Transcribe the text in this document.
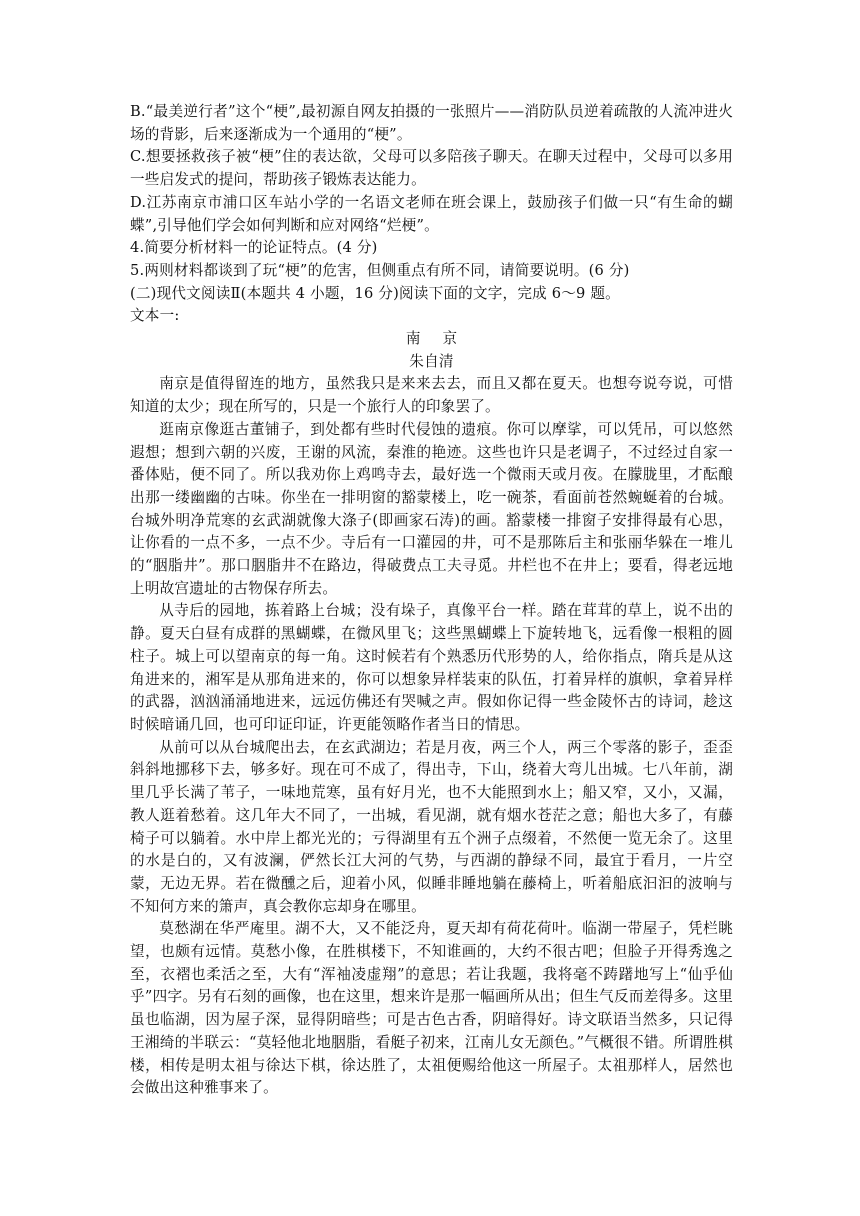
B.“最美逆行者”这个“梗”,最初源自网友拍摄的一张照片——消防队员逆着疏散的人流冲进火场的背影，后来逐渐成为一个通用的“梗”。

C.想要拯救孩子被“梗”住的表达欲，父母可以多陪孩子聊天。在聊天过程中，父母可以多用一些启发式的提问，帮助孩子锻炼表达能力。

D.江苏南京市浦口区车站小学的一名语文老师在班会课上，鼓励孩子们做一只“有生命的蝴蝶”,引导他们学会如何判断和应对网络“烂梗”。

4.简要分析材料一的论证特点。(4 分)

5.两则材料都谈到了玩“梗”的危害，但侧重点有所不同，请简要说明。(6 分)

(二)现代文阅读Ⅱ(本题共 4 小题，16 分)阅读下面的文字，完成 6～9 题。

文本一:

南京

朱自清

南京是值得留连的地方，虽然我只是来来去去，而且又都在夏天。也想夸说夸说，可惜知道的太少；现在所写的，只是一个旅行人的印象罢了。

逛南京像逛古董铺子，到处都有些时代侵蚀的遗痕。你可以摩挲，可以凭吊，可以悠然遐想；想到六朝的兴废，王谢的风流，秦淮的艳迹。这些也许只是老调子，不过经过自家一番体贴，便不同了。所以我劝你上鸡鸣寺去，最好选一个微雨天或月夜。在朦胧里，才酝酿出那一缕幽幽的古味。你坐在一排明窗的豁蒙楼上，吃一碗茶，看面前苍然蜿蜒着的台城。台城外明净荒寒的玄武湖就像大涤子(即画家石涛)的画。豁蒙楼一排窗子安排得最有心思，让你看的一点不多，一点不少。寺后有一口灌园的井，可不是那陈后主和张丽华躲在一堆儿的“胭脂井”。那口胭脂井不在路边，得破费点工夫寻觅。井栏也不在井上；要看，得老远地上明故宫遗址的古物保存所去。

从寺后的园地，拣着路上台城；没有垛子，真像平台一样。踏在茸茸的草上，说不出的静。夏天白昼有成群的黑蝴蝶，在微风里飞；这些黑蝴蝶上下旋转地飞，远看像一根粗的圆柱子。城上可以望南京的每一角。这时候若有个熟悉历代形势的人，给你指点，隋兵是从这角进来的，湘军是从那角进来的，你可以想象异样装束的队伍，打着异样的旗帜，拿着异样的武器，汹汹涌涌地进来，远远仿佛还有哭喊之声。假如你记得一些金陵怀古的诗词，趁这时候暗诵几回，也可印证印证，许更能领略作者当日的情思。

从前可以从台城爬出去，在玄武湖边；若是月夜，两三个人，两三个零落的影子，歪歪斜斜地挪移下去，够多好。现在可不成了，得出寺，下山，绕着大弯儿出城。七八年前，湖里几乎长满了苇子，一味地荒寒，虽有好月光，也不大能照到水上；船又窄，又小，又漏，教人逛着愁着。这几年大不同了，一出城，看见湖，就有烟水苍茫之意；船也大多了，有藤椅子可以躺着。水中岸上都光光的；亏得湖里有五个洲子点缀着，不然便一览无余了。这里的水是白的，又有波澜，俨然长江大河的气势，与西湖的静绿不同，最宜于看月，一片空蒙，无边无界。若在微醺之后，迎着小风，似睡非睡地躺在藤椅上，听着船底汩汩的波响与不知何方来的箫声，真会教你忘却身在哪里。

莫愁湖在华严庵里。湖不大，又不能泛舟，夏天却有荷花荷叶。临湖一带屋子，凭栏眺望，也颇有远情。莫愁小像，在胜棋楼下，不知谁画的，大约不很古吧；但脸子开得秀逸之至，衣褶也柔活之至，大有“浑袖凌虚翔”的意思；若让我题，我将毫不踌躇地写上“仙乎仙乎”四字。另有石刻的画像，也在这里，想来许是那一幅画所从出；但生气反而差得多。这里虽也临湖，因为屋子深，显得阴暗些；可是古色古香，阴暗得好。诗文联语当然多，只记得王湘绮的半联云：“莫轻他北地胭脂，看艇子初来，江南儿女无颜色。”气概很不错。所谓胜棋楼，相传是明太祖与徐达下棋，徐达胜了，太祖便赐给他这一所屋子。太祖那样人，居然也会做出这种雅事来了。
